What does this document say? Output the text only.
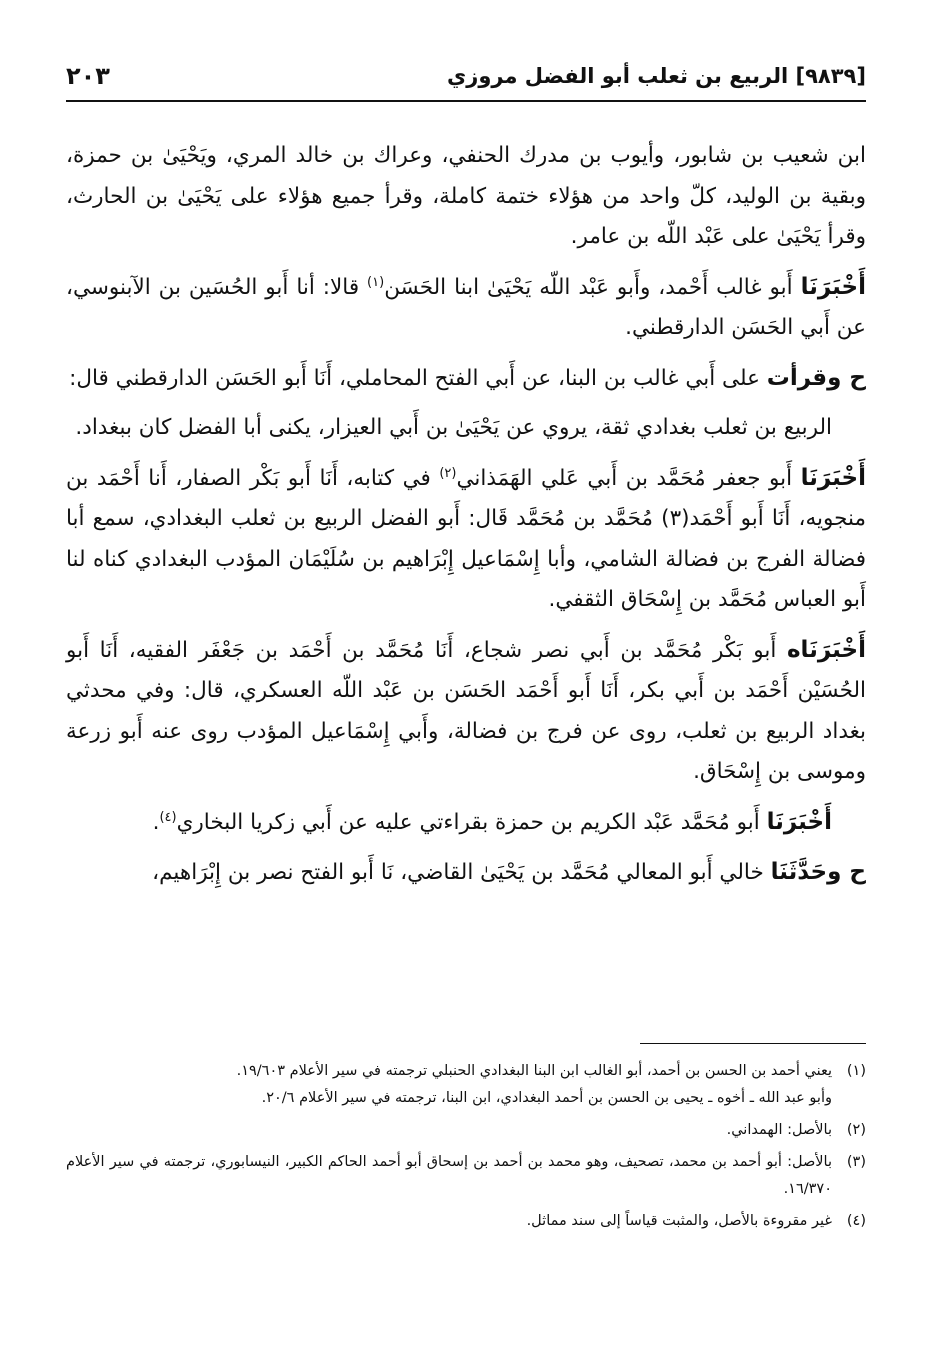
[٩٨٣٩] الربيع بن ثعلب أبو الفضل مروزي
٢٠٣

ابن شعيب بن شابور، وأيوب بن مدرك الحنفي، وعراك بن خالد المري، ويَحْيَىٰ بن حمزة، وبقية بن الوليد، كلّ واحد من هؤلاء ختمة كاملة، وقرأ جميع هؤلاء على يَحْيَىٰ بن الحارث، وقرأ يَحْيَىٰ على عَبْد اللّه بن عامر.

أَخْبَرَنَا أَبو غالب أَحْمد، وأَبو عَبْد اللّه يَحْيَىٰ ابنا الحَسَن$^{(١)}$ قالا: أنا أَبو الحُسَين بن الآبنوسي، عن أَبي الحَسَن الدارقطني.

ح وقرأت على أَبي غالب بن البنا، عن أَبي الفتح المحاملي، أَنَا أَبو الحَسَن الدارقطني قال:

الربيع بن ثعلب بغدادي ثقة، يروي عن يَحْيَىٰ بن أَبي العيزار، يكنى أبا الفضل كان ببغداد.

أَخْبَرَنَا أَبو جعفر مُحَمَّد بن أَبي عَلي الهَمَذاني$^{(٢)}$ في كتابه، أَنَا أَبو بَكْر الصفار، أَنا أَحْمَد بن منجويه، أَنَا أَبو أَحْمَد(٣) مُحَمَّد بن مُحَمَّد قَال: أَبو الفضل الربيع بن ثعلب البغدادي، سمع أبا فضالة الفرج بن فضالة الشامي، وأبا إِسْمَاعيل إِبْرَاهيم بن سُلَيْمَان المؤدب البغدادي كناه لنا أَبو العباس مُحَمَّد بن إِسْحَاق الثقفي.

أَخْبَرَنَاه أَبو بَكْر مُحَمَّد بن أَبي نصر شجاع، أَنَا مُحَمَّد بن أَحْمَد بن جَعْفَر الفقيه، أَنَا أَبو الحُسَيْن أَحْمَد بن أَبي بكر، أَنَا أَبو أَحْمَد الحَسَن بن عَبْد اللّه العسكري، قال: وفي محدثي بغداد الربيع بن ثعلب، روى عن فرج بن فضالة، وأَبي إِسْمَاعيل المؤدب روى عنه أَبو زرعة وموسى بن إِسْحَاق.

أَخْبَرَنَا أَبو مُحَمَّد عَبْد الكريم بن حمزة بقراءتي عليه عن أَبي زكريا البخاري$^{(٤)}$.

ح وحَدَّثَنَا خالي أَبو المعالي مُحَمَّد بن يَحْيَىٰ القاضي، نَا أَبو الفتح نصر بن إِبْرَاهيم،

(١)
يعني أحمد بن الحسن بن أحمد، أبو الغالب ابن البنا البغدادي الحنبلي ترجمته في سير الأعلام ١٩/٦٠٣.
وأبو عبد الله ـ أخوه ـ يحيى بن الحسن بن أحمد البغدادي، ابن البنا، ترجمته في سير الأعلام ٢٠/٦.
(٢)
بالأصل: الهمداني.
(٣)
بالأصل: أبو أحمد بن محمد، تصحيف، وهو محمد بن أحمد بن إسحاق أبو أحمد الحاكم الكبير، النيسابوري، ترجمته في سير الأعلام ١٦/٣٧٠.
(٤)
غير مقروءة بالأصل، والمثبت قياساً إلى سند مماثل.
